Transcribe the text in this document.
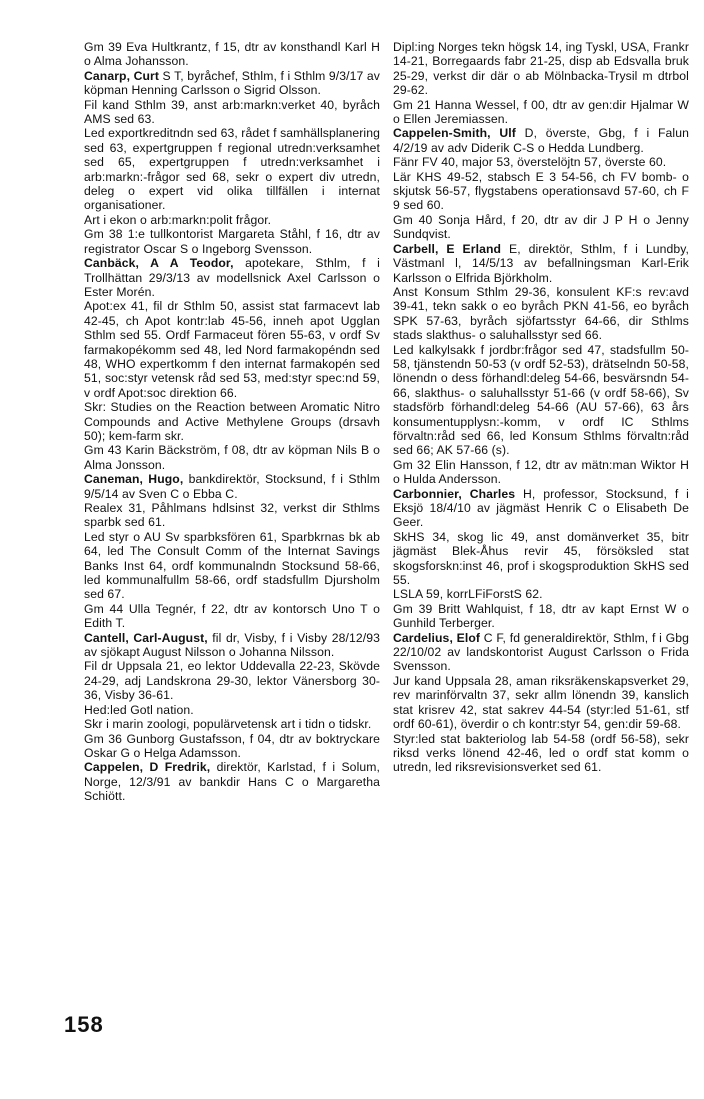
Gm 39 Eva Hultkrantz, f 15, dtr av konsthandl Karl H o Alma Johansson.

Canarp, Curt S T, byråchef, Sthlm, f i Sthlm 9/3/17 av köpman Henning Carlsson o Sigrid Olsson.

Fil kand Sthlm 39, anst arb:markn:verket 40, byråch AMS sed 63.

Led exportkreditndn sed 63, rådet f samhällsplanering sed 63, expertgruppen f regional utredn:verksamhet sed 65, expertgruppen f utredn:verksamhet i arb:markn:-frågor sed 68, sekr o expert div utredn, deleg o expert vid olika tillfällen i internat organisationer.

Art i ekon o arb:markn:polit frågor.

Gm 38 1:e tullkontorist Margareta Ståhl, f 16, dtr av registrator Oscar S o Ingeborg Svensson.

Canbäck, A A Teodor, apotekare, Sthlm, f i Trollhättan 29/3/13 av modellsnick Axel Carlsson o Ester Morén.

Apot:ex 41, fil dr Sthlm 50, assist stat farmacevt lab 42-45, ch Apot kontr:lab 45-56, inneh apot Ugglan Sthlm sed 55. Ordf Farmaceut fören 55-63, v ordf Sv farmakopékomm sed 48, led Nord farmakopéndn sed 48, WHO expertkomm f den internat farmakopén sed 51, soc:styr vetensk råd sed 53, med:styr spec:nd 59, v ordf Apot:soc direktion 66.

Skr: Studies on the Reaction between Aromatic Nitro Compounds and Active Methylene Groups (drsavh 50); kem-farm skr.

Gm 43 Karin Bäckström, f 08, dtr av köpman Nils B o Alma Jonsson.

Caneman, Hugo, bankdirektör, Stocksund, f i Sthlm 9/5/14 av Sven C o Ebba C.

Realex 31, Påhlmans hdlsinst 32, verkst dir Sthlms sparbk sed 61.

Led styr o AU Sv sparbksfören 61, Sparbkrnas bk ab 64, led The Consult Comm of the Internat Savings Banks Inst 64, ordf kommunalndn Stocksund 58-66, led kommunalfullm 58-66, ordf stadsfullm Djursholm sed 67.

Gm 44 Ulla Tegnér, f 22, dtr av kontorsch Uno T o Edith T.

Cantell, Carl-August, fil dr, Visby, f i Visby 28/12/93 av sjökapt August Nilsson o Johanna Nilsson.

Fil dr Uppsala 21, eo lektor Uddevalla 22-23, Skövde 24-29, adj Landskrona 29-30, lektor Vänersborg 30-36, Visby 36-61.

Hed:led Gotl nation.

Skr i marin zoologi, populärvetensk art i tidn o tidskr.

Gm 36 Gunborg Gustafsson, f 04, dtr av boktryckare Oskar G o Helga Adamsson.

Cappelen, D Fredrik, direktör, Karlstad, f i Solum, Norge, 12/3/91 av bankdir Hans C o Margaretha Schiött.

Dipl:ing Norges tekn högsk 14, ing Tyskl, USA, Frankr 14-21, Borregaards fabr 21-25, disp ab Edsvalla bruk 25-29, verkst dir där o ab Mölnbacka-Trysil m dtrbol 29-62.

Gm 21 Hanna Wessel, f 00, dtr av gen:dir Hjalmar W o Ellen Jeremiassen.

Cappelen-Smith, Ulf D, överste, Gbg, f i Falun 4/2/19 av adv Diderik C-S o Hedda Lundberg.

Fänr FV 40, major 53, överstelöjtn 57, överste 60.

Lär KHS 49-52, stabsch E 3 54-56, ch FV bomb- o skjutsk 56-57, flygstabens operationsavd 57-60, ch F 9 sed 60.

Gm 40 Sonja Hård, f 20, dtr av dir J P H o Jenny Sundqvist.

Carbell, E Erland E, direktör, Sthlm, f i Lundby, Västmanl l, 14/5/13 av befallningsman Karl-Erik Karlsson o Elfrida Björkholm.

Anst Konsum Sthlm 29-36, konsulent KF:s rev:avd 39-41, tekn sakk o eo byråch PKN 41-56, eo byråch SPK 57-63, byråch sjöfartsstyr 64-66, dir Sthlms stads slakthus- o saluhallsstyr sed 66.

Led kalkylsakk f jordbr:frågor sed 47, stadsfullm 50-58, tjänstendn 50-53 (v ordf 52-53), drätselndn 50-58, lönendn o dess förhandl:deleg 54-66, besvärsndn 54-66, slakthus- o saluhallsstyr 51-66 (v ordf 58-66), Sv stadsförb förhandl:deleg 54-66 (AU 57-66), 63 års konsumentupplysn:-komm, v ordf IC Sthlms förvaltn:råd sed 66, led Konsum Sthlms förvaltn:råd sed 66; AK 57-66 (s).

Gm 32 Elin Hansson, f 12, dtr av mätn:man Wiktor H o Hulda Andersson.

Carbonnier, Charles H, professor, Stocksund, f i Eksjö 18/4/10 av jägmäst Henrik C o Elisabeth De Geer.

SkHS 34, skog lic 49, anst domänverket 35, bitr jägmäst Blek-Åhus revir 45, försöksled stat skogsforskn:inst 46, prof i skogsproduktion SkHS sed 55.

LSLA 59, korrLFiForstS 62.

Gm 39 Britt Wahlquist, f 18, dtr av kapt Ernst W o Gunhild Terberger.

Cardelius, Elof C F, fd generaldirektör, Sthlm, f i Gbg 22/10/02 av landskontorist August Carlsson o Frida Svensson.

Jur kand Uppsala 28, aman riksräkenskapsverket 29, rev marinförvaltn 37, sekr allm lönendn 39, kanslich stat krisrev 42, stat sakrev 44-54 (styr:led 51-61, stf ordf 60-61), överdir o ch kontr:styr 54, gen:dir 59-68.

Styr:led stat bakteriolog lab 54-58 (ordf 56-58), sekr riksd verks lönend 42-46, led o ordf stat komm o utredn, led riksrevisionsverket sed 61.

158
